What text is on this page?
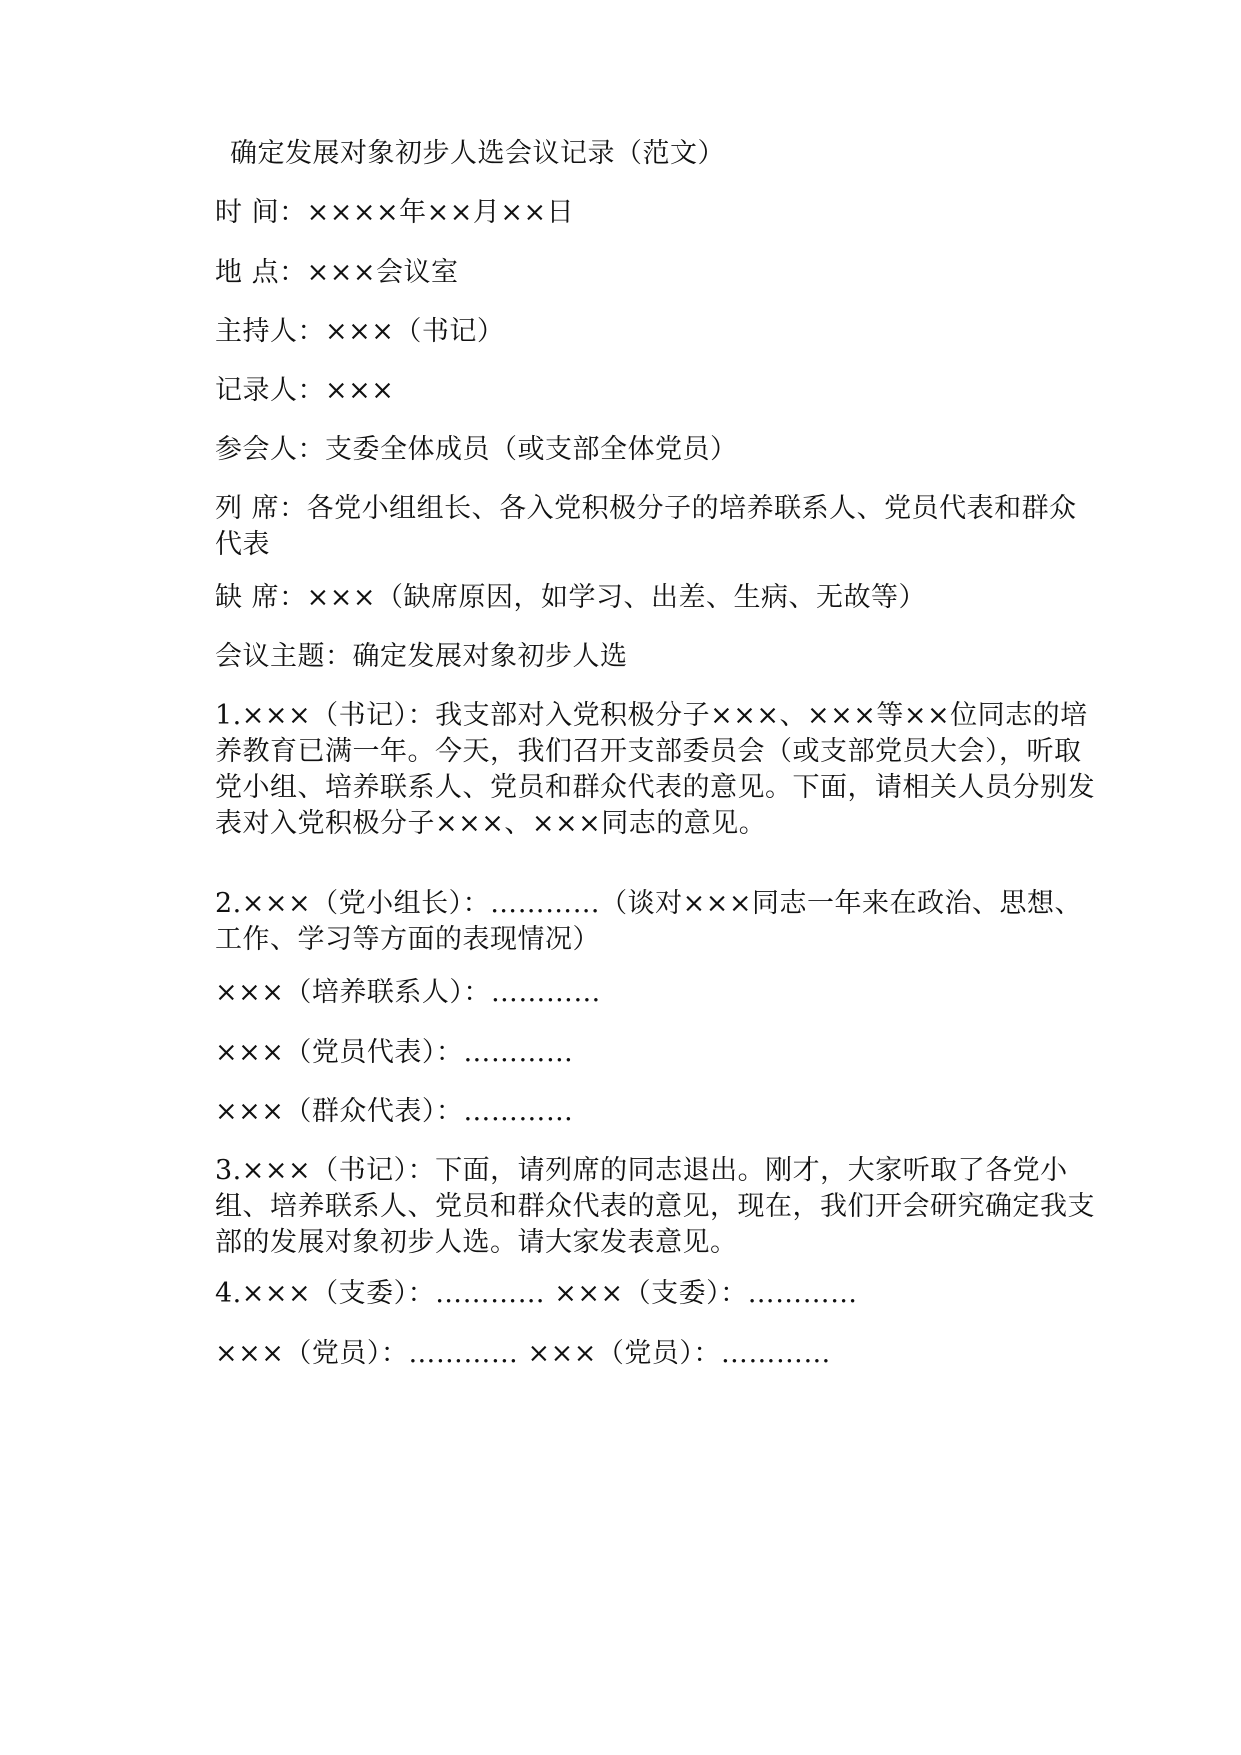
确定发展对象初步人选会议记录（范文）
时 间：××××年××月××日
地 点：×××会议室
主持人：×××（书记）
记录人：×××
参会人：支委全体成员（或支部全体党员）
列 席：各党小组组长、各入党积极分子的培养联系人、党员代表和群众代表
缺 席：×××（缺席原因，如学习、出差、生病、无故等）
会议主题：确定发展对象初步人选
1.×××（书记）：我支部对入党积极分子×××、×××等××位同志的培养教育已满一年。今天，我们召开支部委员会（或支部党员大会），听取党小组、培养联系人、党员和群众代表的意见。下面，请相关人员分别发表对入党积极分子×××、×××同志的意见。
2.×××（党小组长）：…………（谈对×××同志一年来在政治、思想、工作、学习等方面的表现情况）
×××（培养联系人）：…………
×××（党员代表）：…………
×××（群众代表）：…………
3.×××（书记）：下面，请列席的同志退出。刚才，大家听取了各党小组、培养联系人、党员和群众代表的意见，现在，我们开会研究确定我支部的发展对象初步人选。请大家发表意见。
4.×××（支委）：………… ×××（支委）：…………
×××（党员）：………… ×××（党员）：…………
